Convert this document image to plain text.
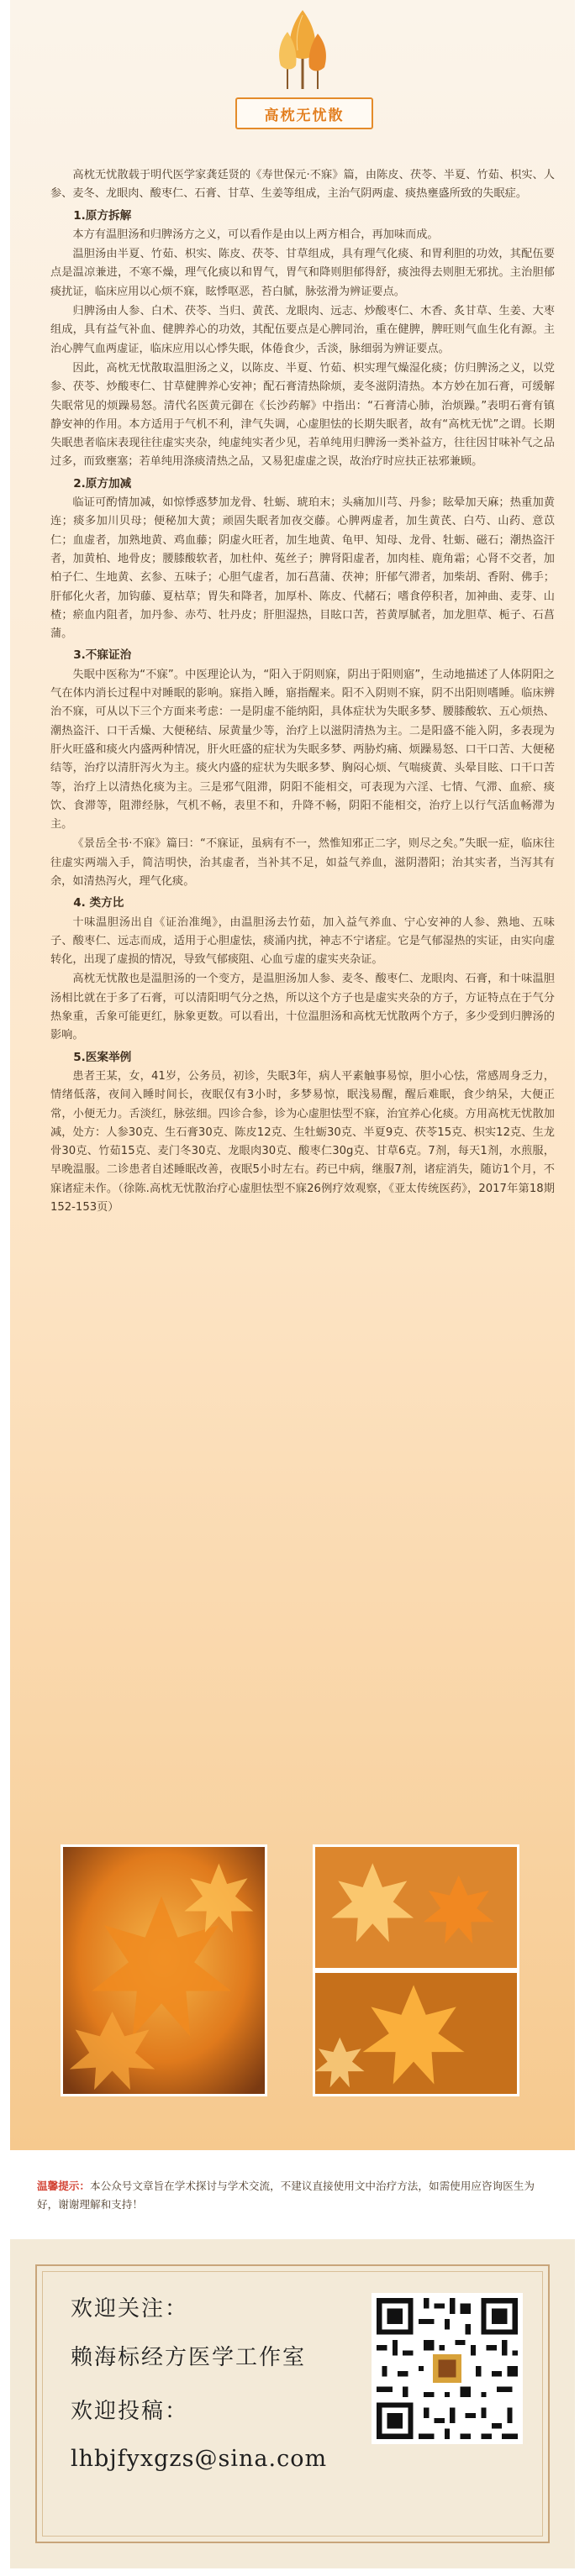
高枕无忧散

高枕无忧散载于明代医学家龚廷贤的《寿世保元·不寐》篇，由陈皮、茯苓、半夏、竹茹、枳实、人参、麦冬、龙眼肉、酸枣仁、石膏、甘草、生姜等组成，主治气阴两虚、痰热壅盛所致的失眠症。

1.原方拆解

本方有温胆汤和归脾汤方之义，可以看作是由以上两方相合，再加味而成。

温胆汤由半夏、竹茹、枳实、陈皮、茯苓、甘草组成，具有理气化痰、和胃利胆的功效，其配伍要点是温凉兼进，不寒不燥，理气化痰以和胃气，胃气和降则胆郁得舒，痰浊得去则胆无邪扰。主治胆郁痰扰证，临床应用以心烦不寐，眩悸呕恶，苔白腻，脉弦滑为辨证要点。

归脾汤由人参、白术、茯苓、当归、黄芪、龙眼肉、远志、炒酸枣仁、木香、炙甘草、生姜、大枣组成，具有益气补血、健脾养心的功效，其配伍要点是心脾同治，重在健脾，脾旺则气血生化有源。主治心脾气血两虚证，临床应用以心悸失眠，体倦食少，舌淡，脉细弱为辨证要点。

因此，高枕无忧散取温胆汤之义，以陈皮、半夏、竹茹、枳实理气燥湿化痰；仿归脾汤之义，以党参、茯苓、炒酸枣仁、甘草健脾养心安神；配石膏清热除烦，麦冬滋阴清热。本方妙在加石膏，可缓解失眠常见的烦躁易怒。清代名医黄元御在《长沙药解》中指出：“石膏清心肺，治烦躁。”表明石膏有镇静安神的作用。本方适用于气机不利，津气失调，心虚胆怯的长期失眠者，故有“高枕无忧”之谓。长期失眠患者临床表现往往虚实夹杂，纯虚纯实者少见，若单纯用归脾汤一类补益方，往往因甘味补气之品过多，而致壅塞；若单纯用涤痰清热之品，又易犯虚虚之误，故治疗时应扶正祛邪兼顾。

2.原方加减

临证可酌情加减，如惊悸惑梦加龙骨、牡蛎、琥珀末；头痛加川芎、丹参；眩晕加天麻；热重加黄连；痰多加川贝母；便秘加大黄；顽固失眠者加夜交藤。心脾两虚者，加生黄芪、白芍、山药、意苡仁；血虚者，加熟地黄、鸡血藤；阴虚火旺者，加生地黄、龟甲、知母、龙骨、牡蛎、磁石；潮热盗汗者，加黄柏、地骨皮；腰膝酸软者，加杜仲、菟丝子；脾肾阳虚者，加肉桂、鹿角霜；心肾不交者，加柏子仁、生地黄、玄参、五味子；心胆气虚者，加石菖蒲、茯神；肝郁气滞者，加柴胡、香附、佛手；肝郁化火者，加钩藤、夏枯草；胃失和降者，加厚朴、陈皮、代赭石；嗜食停积者，加神曲、麦芽、山楂；瘀血内阻者，加丹参、赤芍、牡丹皮；肝胆湿热，目眩口苦，苔黄厚腻者，加龙胆草、栀子、石菖蒲。

3.不寐证治

失眠中医称为“不寐”。中医理论认为，“阳入于阴则寐，阴出于阳则寤”，生动地描述了人体阴阳之气在体内消长过程中对睡眠的影响。寐指入睡，寤指醒来。阳不入阴则不寐，阴不出阳则嗜睡。临床辨治不寐，可从以下三个方面来考虑：一是阴虚不能纳阳，具体症状为失眠多梦、腰膝酸软、五心烦热、潮热盗汗、口干舌燥、大便秘结、尿黄量少等，治疗上以滋阴清热为主。二是阳盛不能入阴，多表现为肝火旺盛和痰火内盛两种情况，肝火旺盛的症状为失眠多梦、两胁灼痛、烦躁易怒、口干口苦、大便秘结等，治疗以清肝泻火为主。痰火内盛的症状为失眠多梦、胸闷心烦、气喘痰黄、头晕目眩、口干口苦等，治疗上以清热化痰为主。三是邪气阻滞，阴阳不能相交，可表现为六淫、七情、气滞、血瘀、痰饮、食滞等，阻滞经脉，气机不畅，表里不和，升降不畅，阴阳不能相交，治疗上以行气活血畅滞为主。

《景岳全书·不寐》篇曰：“不寐证，虽病有不一，然惟知邪正二字，则尽之矣。”失眠一症，临床往往虚实两端入手，简洁明快，治其虚者，当补其不足，如益气养血，滋阴潜阳；治其实者，当泻其有余，如清热泻火，理气化痰。

4. 类方比

十味温胆汤出自《证治准绳》，由温胆汤去竹茹，加入益气养血、宁心安神的人参、熟地、五味子、酸枣仁、远志而成，适用于心胆虚怯，痰涌内扰，神志不宁诸症。它是气郁湿热的实证，由实向虚转化，出现了虚损的情况，导致气郁痰阻、心血亏虚的虚实夹杂证。

高枕无忧散也是温胆汤的一个变方，是温胆汤加人参、麦冬、酸枣仁、龙眼肉、石膏，和十味温胆汤相比就在于多了石膏，可以清阳明气分之热，所以这个方子也是虚实夹杂的方子，方证特点在于气分热象重，舌象可能更红，脉象更数。可以看出，十位温胆汤和高枕无忧散两个方子，多少受到归脾汤的影响。

5.医案举例

患者王某，女，41岁，公务员，初诊，失眠3年，病人平素触事易惊，胆小心怯，常感周身乏力，情绪低落，夜间入睡时间长，夜眠仅有3小时，多梦易惊，眠浅易醒，醒后难眠，食少纳呆，大便正常，小便无力。舌淡红，脉弦细。四诊合参，诊为心虚胆怯型不寐，治宜养心化痰。方用高枕无忧散加减，处方：人参30克、生石膏30克、陈皮12克、生牡蛎30克、半夏9克、茯苓15克、枳实12克、生龙骨30克、竹茹15克、麦门冬30克、龙眼肉30克、酸枣仁30g克、甘草6克。7剂，每天1剂，水煎服，早晚温服。二诊患者自述睡眠改善，夜眠5小时左右。药已中病，继服7剂，诸症消失，随访1个月，不寐诸症未作。（徐陈.高枕无忧散治疗心虚胆怯型不寐26例疗效观察，《亚太传统医药》，2017年第18期152-153页）

温馨提示：本公众号文章旨在学术探讨与学术交流，不建议直接使用文中治疗方法，如需使用应咨询医生为好，谢谢理解和支持！
欢迎关注：
赖海标经方医学工作室
欢迎投稿：
lhbjfyxgzs@sina.com
